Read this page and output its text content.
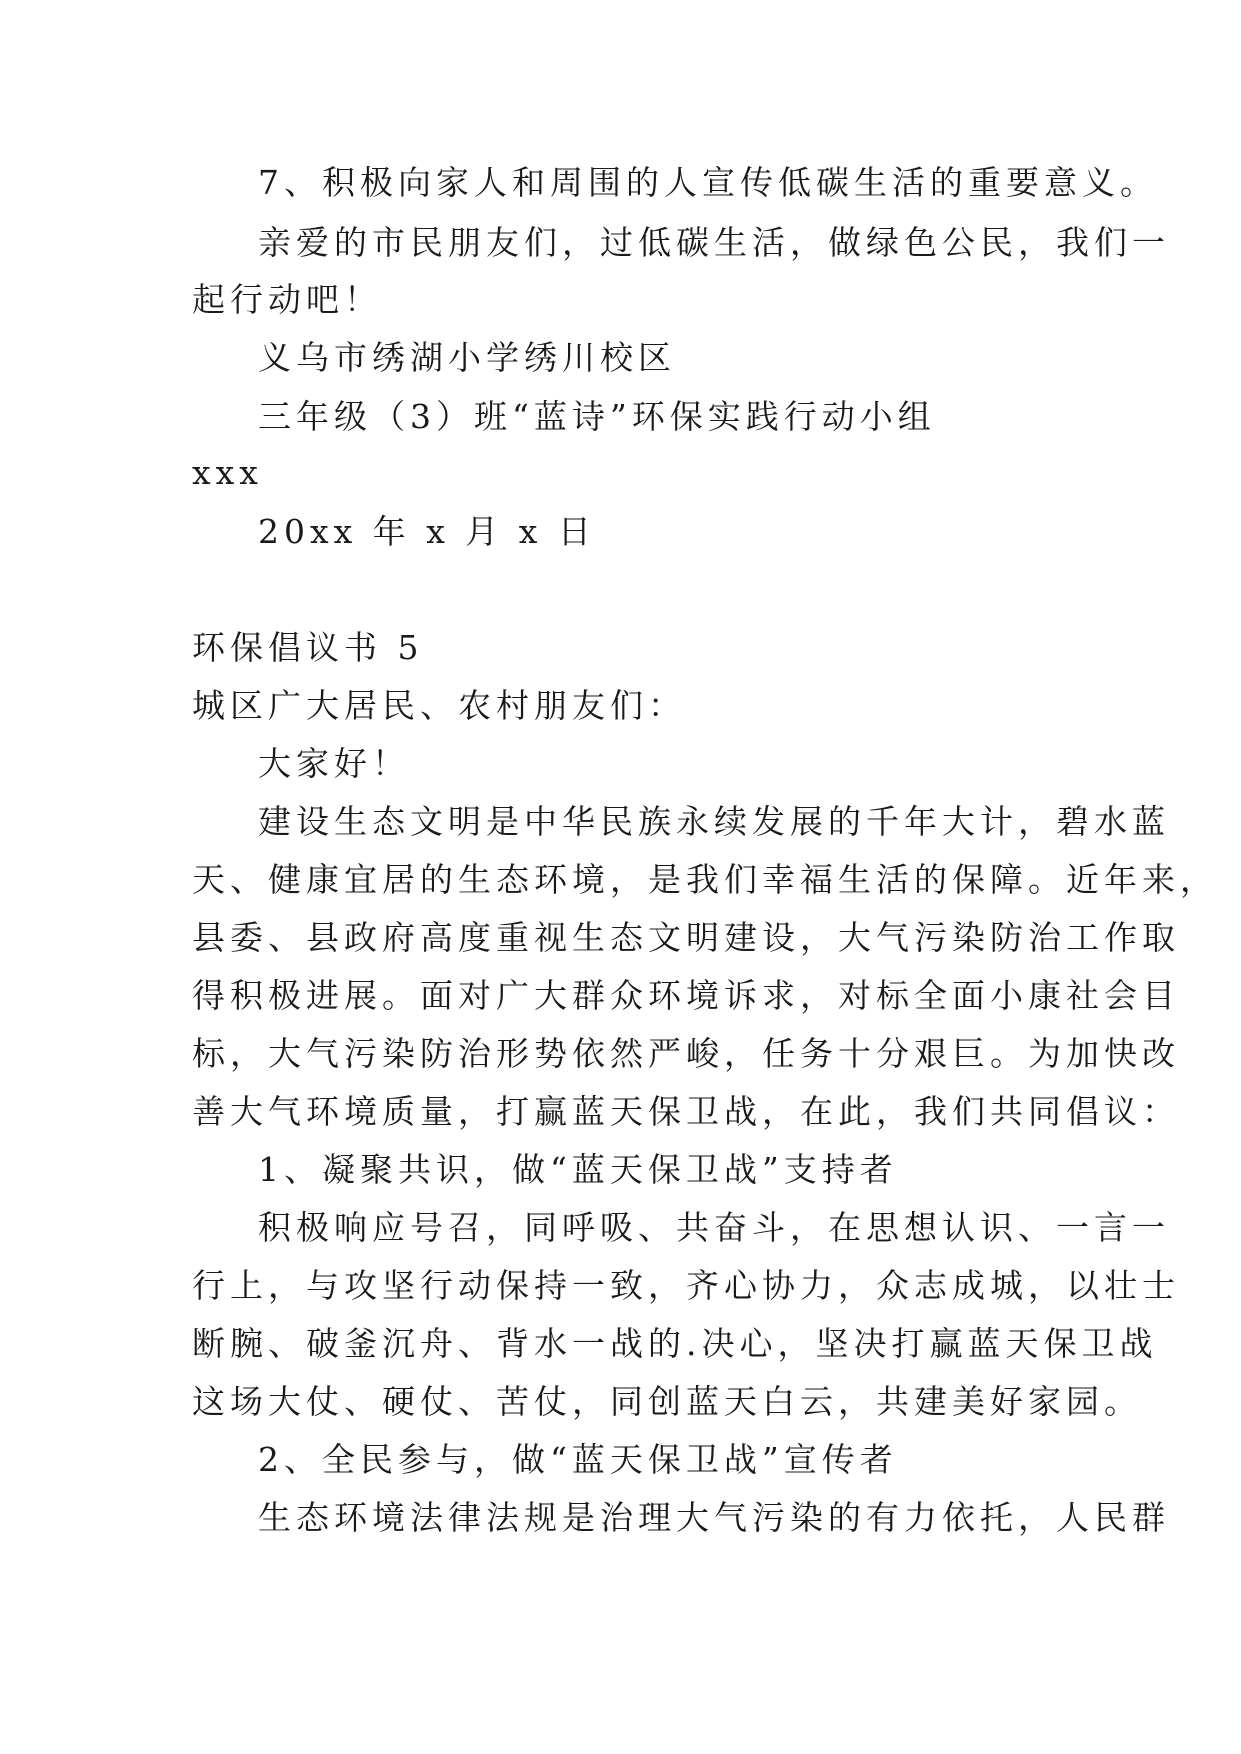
7、积极向家人和周围的人宣传低碳生活的重要意义。
亲爱的市民朋友们，过低碳生活，做绿色公民，我们一
起行动吧！
义乌市绣湖小学绣川校区
三年级（3）班“蓝诗”环保实践行动小组
xxx
20xx 年 x 月 x 日
环保倡议书 5
城区广大居民、农村朋友们：
大家好！
建设生态文明是中华民族永续发展的千年大计，碧水蓝
天、健康宜居的生态环境，是我们幸福生活的保障。近年来，
县委、县政府高度重视生态文明建设，大气污染防治工作取
得积极进展。面对广大群众环境诉求，对标全面小康社会目
标，大气污染防治形势依然严峻，任务十分艰巨。为加快改
善大气环境质量，打赢蓝天保卫战，在此，我们共同倡议：
1、凝聚共识，做“蓝天保卫战”支持者
积极响应号召，同呼吸、共奋斗，在思想认识、一言一
行上，与攻坚行动保持一致，齐心协力，众志成城，以壮士
断腕、破釜沉舟、背水一战的.决心，坚决打赢蓝天保卫战
这场大仗、硬仗、苦仗，同创蓝天白云，共建美好家园。
2、全民参与，做“蓝天保卫战”宣传者
生态环境法律法规是治理大气污染的有力依托，人民群
